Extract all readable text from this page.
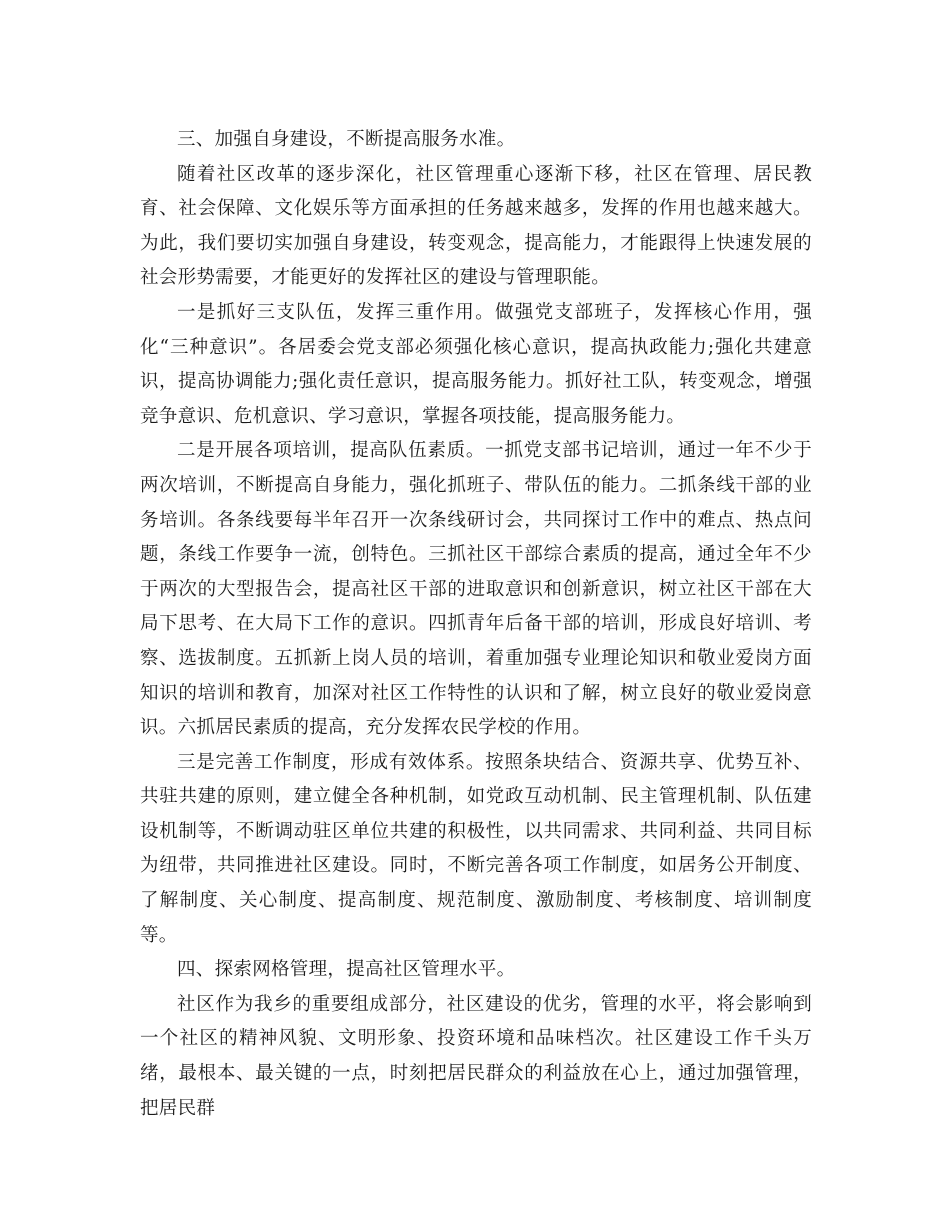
三、加强自身建设，不断提高服务水准。

随着社区改革的逐步深化，社区管理重心逐渐下移，社区在管理、居民教育、社会保障、文化娱乐等方面承担的任务越来越多，发挥的作用也越来越大。为此，我们要切实加强自身建设，转变观念，提高能力，才能跟得上快速发展的社会形势需要，才能更好的发挥社区的建设与管理职能。

一是抓好三支队伍，发挥三重作用。做强党支部班子，发挥核心作用，强化“三种意识”。各居委会党支部必须强化核心意识，提高执政能力;强化共建意识，提高协调能力;强化责任意识，提高服务能力。抓好社工队，转变观念，增强竞争意识、危机意识、学习意识，掌握各项技能，提高服务能力。

二是开展各项培训，提高队伍素质。一抓党支部书记培训，通过一年不少于两次培训，不断提高自身能力，强化抓班子、带队伍的能力。二抓条线干部的业务培训。各条线要每半年召开一次条线研讨会，共同探讨工作中的难点、热点问题，条线工作要争一流，创特色。三抓社区干部综合素质的提高，通过全年不少于两次的大型报告会，提高社区干部的进取意识和创新意识，树立社区干部在大局下思考、在大局下工作的意识。四抓青年后备干部的培训，形成良好培训、考察、选拔制度。五抓新上岗人员的培训，着重加强专业理论知识和敬业爱岗方面知识的培训和教育，加深对社区工作特性的认识和了解，树立良好的敬业爱岗意识。六抓居民素质的提高，充分发挥农民学校的作用。

三是完善工作制度，形成有效体系。按照条块结合、资源共享、优势互补、共驻共建的原则，建立健全各种机制，如党政互动机制、民主管理机制、队伍建设机制等，不断调动驻区单位共建的积极性，以共同需求、共同利益、共同目标为纽带，共同推进社区建设。同时，不断完善各项工作制度，如居务公开制度、了解制度、关心制度、提高制度、规范制度、激励制度、考核制度、培训制度等。

四、探索网格管理，提高社区管理水平。

社区作为我乡的重要组成部分，社区建设的优劣，管理的水平，将会影响到一个社区的精神风貌、文明形象、投资环境和品味档次。社区建设工作千头万绪，最根本、最关键的一点，时刻把居民群众的利益放在心上，通过加强管理，把居民群
